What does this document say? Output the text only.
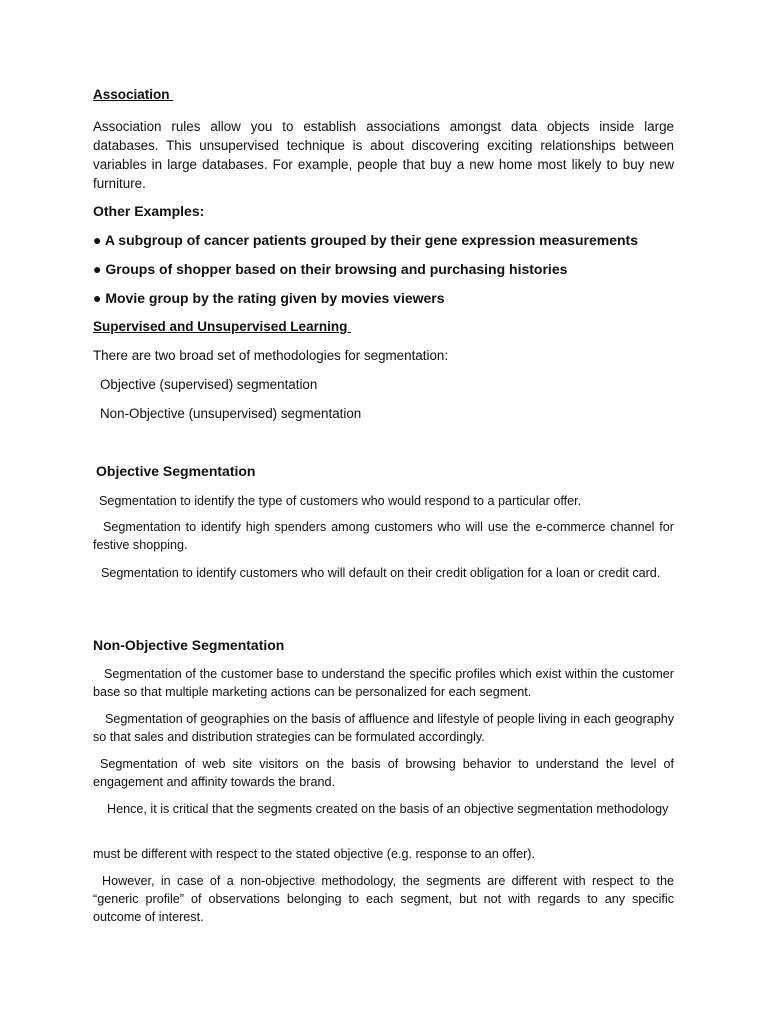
Association

Association rules allow you to establish associations amongst data objects inside large databases. This unsupervised technique is about discovering exciting relationships between variables in large databases. For example, people that buy a new home most likely to buy new furniture.

Other Examples:
● A subgroup of cancer patients grouped by their gene expression measurements
● Groups of shopper based on their browsing and purchasing histories
● Movie group by the rating given by movies viewers
Supervised and Unsupervised Learning
There are two broad set of methodologies for segmentation:
Objective (supervised) segmentation
Non-Objective (unsupervised) segmentation
Objective Segmentation

Segmentation to identify the type of customers who would respond to a particular offer.

Segmentation to identify high spenders among customers who will use the e-commerce channel for festive shopping.

Segmentation to identify customers who will default on their credit obligation for a loan or credit card.

Non-Objective Segmentation

Segmentation of the customer base to understand the specific profiles which exist within the customer base so that multiple marketing actions can be personalized for each segment.

Segmentation of geographies on the basis of affluence and lifestyle of people living in each geography so that sales and distribution strategies can be formulated accordingly.

Segmentation of web site visitors on the basis of browsing behavior to understand the level of engagement and affinity towards the brand.

Hence, it is critical that the segments created on the basis of an objective segmentation methodology

must be different with respect to the stated objective (e.g. response to an offer).

However, in case of a non-objective methodology, the segments are different with respect to the “generic profile” of observations belonging to each segment, but not with regards to any specific outcome of interest.
